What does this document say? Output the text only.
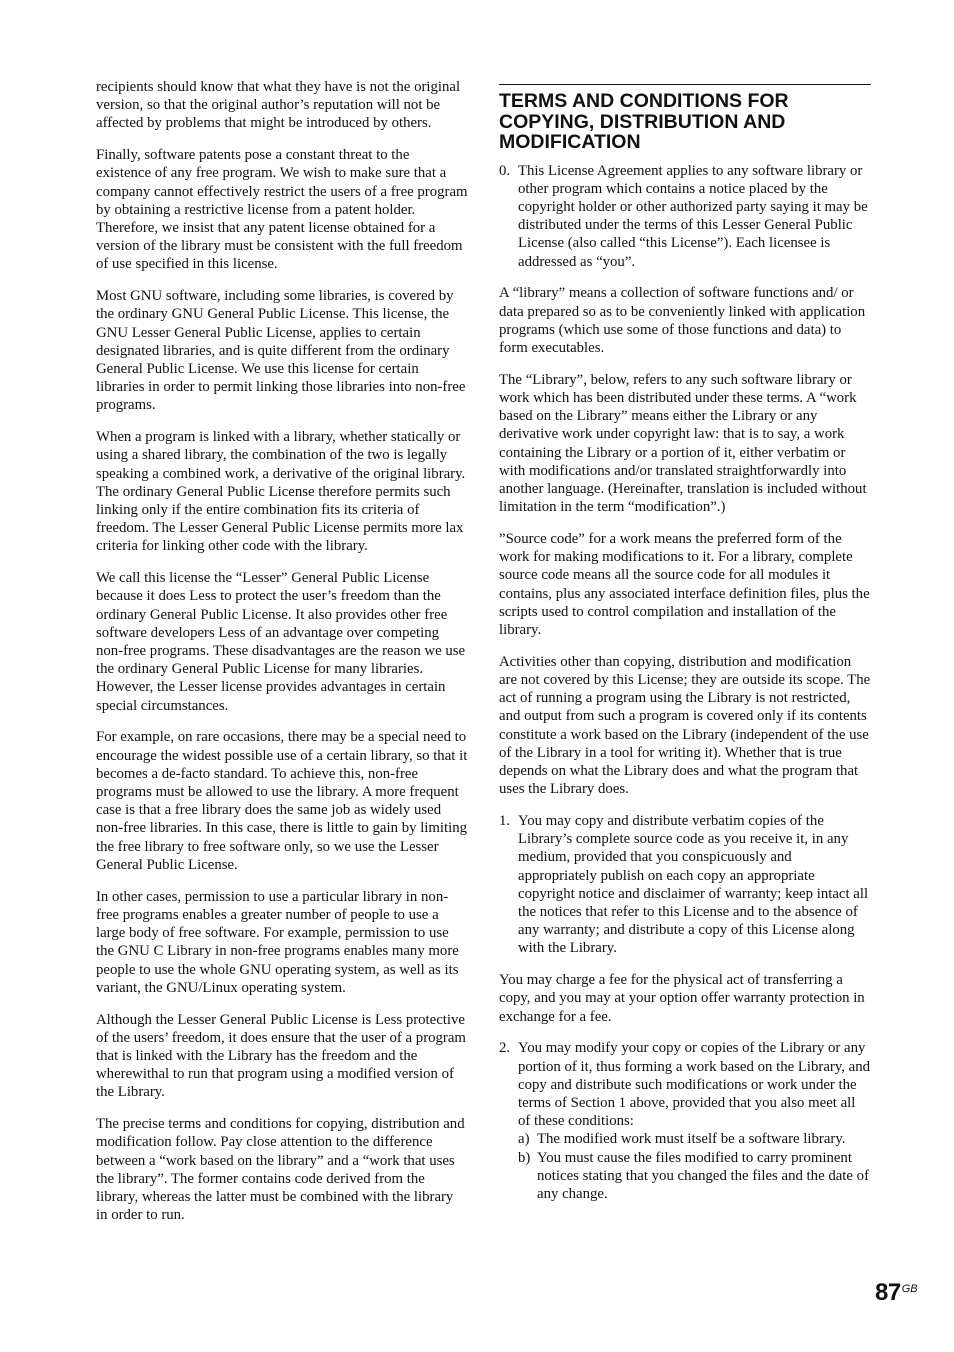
recipients should know that what they have is not the original version, so that the original author’s reputation will not be affected by problems that might be introduced by others.

Finally, software patents pose a constant threat to the existence of any free program. We wish to make sure that a company cannot effectively restrict the users of a free program by obtaining a restrictive license from a patent holder. Therefore, we insist that any patent license obtained for a version of the library must be consistent with the full freedom of use specified in this license.

Most GNU software, including some libraries, is covered by the ordinary GNU General Public License. This license, the GNU Lesser General Public License, applies to certain designated libraries, and is quite different from the ordinary General Public License. We use this license for certain libraries in order to permit linking those libraries into non-free programs.

When a program is linked with a library, whether statically or using a shared library, the combination of the two is legally speaking a combined work, a derivative of the original library. The ordinary General Public License therefore permits such linking only if the entire combination fits its criteria of freedom. The Lesser General Public License permits more lax criteria for linking other code with the library.

We call this license the “Lesser” General Public License because it does Less to protect the user’s freedom than the ordinary General Public License. It also provides other free software developers Less of an advantage over competing non-free programs. These disadvantages are the reason we use the ordinary General Public License for many libraries. However, the Lesser license provides advantages in certain special circumstances.

For example, on rare occasions, there may be a special need to encourage the widest possible use of a certain library, so that it becomes a de-facto standard. To achieve this, non-free programs must be allowed to use the library. A more frequent case is that a free library does the same job as widely used non-free libraries. In this case, there is little to gain by limiting the free library to free software only, so we use the Lesser General Public License.

In other cases, permission to use a particular library in non-free programs enables a greater number of people to use a large body of free software. For example, permission to use the GNU C Library in non-free programs enables many more people to use the whole GNU operating system, as well as its variant, the GNU/Linux operating system.

Although the Lesser General Public License is Less protective of the users’ freedom, it does ensure that the user of a program that is linked with the Library has the freedom and the wherewithal to run that program using a modified version of the Library.

The precise terms and conditions for copying, distribution and modification follow. Pay close attention to the difference between a “work based on the library” and a “work that uses the library”. The former contains code derived from the library, whereas the latter must be combined with the library in order to run.

TERMS AND CONDITIONS FOR COPYING, DISTRIBUTION AND MODIFICATION
0. This License Agreement applies to any software library or other program which contains a notice placed by the copyright holder or other authorized party saying it may be distributed under the terms of this Lesser General Public License (also called “this License”). Each licensee is addressed as “you”.

A “library” means a collection of software functions and/ or data prepared so as to be conveniently linked with application programs (which use some of those functions and data) to form executables.

The “Library”, below, refers to any such software library or work which has been distributed under these terms. A “work based on the Library” means either the Library or any derivative work under copyright law: that is to say, a work containing the Library or a portion of it, either verbatim or with modifications and/or translated straightforwardly into another language. (Hereinafter, translation is included without limitation in the term “modification”.)

”Source code” for a work means the preferred form of the work for making modifications to it. For a library, complete source code means all the source code for all modules it contains, plus any associated interface definition files, plus the scripts used to control compilation and installation of the library.

Activities other than copying, distribution and modification are not covered by this License; they are outside its scope. The act of running a program using the Library is not restricted, and output from such a program is covered only if its contents constitute a work based on the Library (independent of the use of the Library in a tool for writing it). Whether that is true depends on what the Library does and what the program that uses the Library does.

1. You may copy and distribute verbatim copies of the Library’s complete source code as you receive it, in any medium, provided that you conspicuously and appropriately publish on each copy an appropriate copyright notice and disclaimer of warranty; keep intact all the notices that refer to this License and to the absence of any warranty; and distribute a copy of this License along with the Library.

You may charge a fee for the physical act of transferring a copy, and you may at your option offer warranty protection in exchange for a fee.

2. You may modify your copy or copies of the Library or any portion of it, thus forming a work based on the Library, and copy and distribute such modifications or work under the terms of Section 1 above, provided that you also meet all of these conditions:
a) The modified work must itself be a software library.
b) You must cause the files modified to carry prominent notices stating that you changed the files and the date of any change.
$87^{GB}$
